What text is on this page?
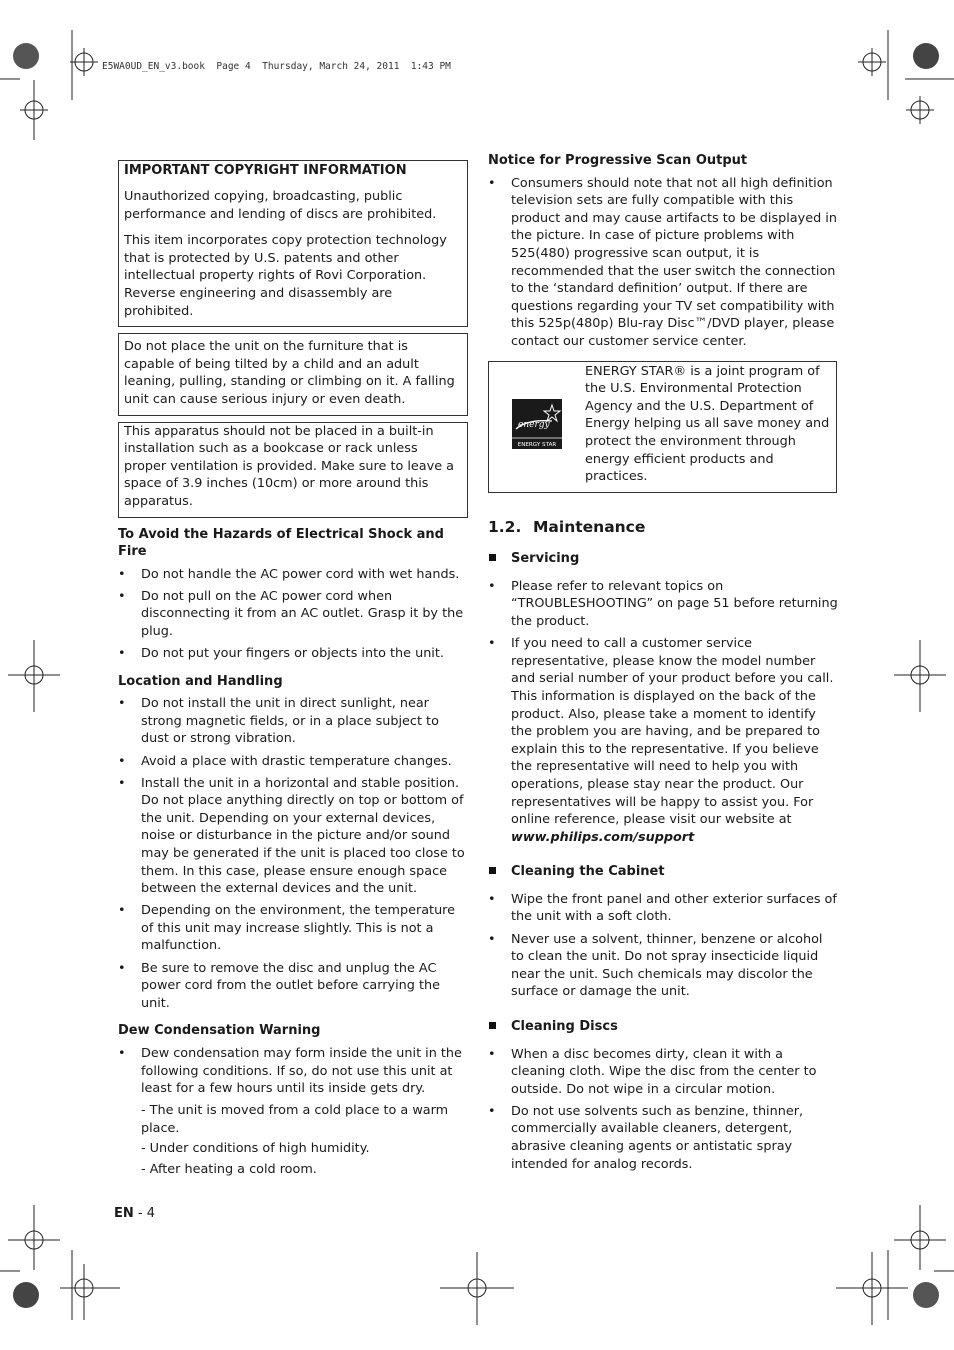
E5WA0UD_EN_v3.book  Page 4  Thursday, March 24, 2011  1:43 PM
IMPORTANT COPYRIGHT INFORMATION

Unauthorized copying, broadcasting, public performance and lending of discs are prohibited.

This item incorporates copy protection technology that is protected by U.S. patents and other intellectual property rights of Rovi Corporation. Reverse engineering and disassembly are prohibited.

Do not place the unit on the furniture that is capable of being tilted by a child and an adult leaning, pulling, standing or climbing on it. A falling unit can cause serious injury or even death.

This apparatus should not be placed in a built-in installation such as a bookcase or rack unless proper ventilation is provided. Make sure to leave a space of 3.9 inches (10cm) or more around this apparatus.

To Avoid the Hazards of Electrical Shock and Fire
• Do not handle the AC power cord with wet hands.
• Do not pull on the AC power cord when disconnecting it from an AC outlet. Grasp it by the plug.
• Do not put your fingers or objects into the unit.
Location and Handling
• Do not install the unit in direct sunlight, near strong magnetic fields, or in a place subject to dust or strong vibration.
• Avoid a place with drastic temperature changes.
• Install the unit in a horizontal and stable position. Do not place anything directly on top or bottom of the unit. Depending on your external devices, noise or disturbance in the picture and/or sound may be generated if the unit is placed too close to them. In this case, please ensure enough space between the external devices and the unit.
• Depending on the environment, the temperature of this unit may increase slightly. This is not a malfunction.
• Be sure to remove the disc and unplug the AC power cord from the outlet before carrying the unit.
Dew Condensation Warning
• Dew condensation may form inside the unit in the following conditions. If so, do not use this unit at least for a few hours until its inside gets dry.
- The unit is moved from a cold place to a warm place.
- Under conditions of high humidity.
- After heating a cold room.
Notice for Progressive Scan Output
• Consumers should note that not all high definition television sets are fully compatible with this product and may cause artifacts to be displayed in the picture. In case of picture problems with 525(480) progressive scan output, it is recommended that the user switch the connection to the ‘standard definition’ output. If there are questions regarding your TV set compatibility with this 525p(480p) Blu-ray Disc™/DVD player, please contact our customer service center.
energy
ENERGY STAR
ENERGY STAR® is a joint program of the U.S. Environmental Protection Agency and the U.S. Department of Energy helping us all save money and protect the environment through energy efficient products and practices.
1.2. Maintenance
Servicing
• Please refer to relevant topics on “TROUBLESHOOTING” on page 51 before returning the product.
• If you need to call a customer service representative, please know the model number and serial number of your product before you call. This information is displayed on the back of the product. Also, please take a moment to identify the problem you are having, and be prepared to explain this to the representative. If you believe the representative will need to help you with operations, please stay near the product. Our representatives will be happy to assist you. For online reference, please visit our website at
www.philips.com/support
Cleaning the Cabinet
• Wipe the front panel and other exterior surfaces of the unit with a soft cloth.
• Never use a solvent, thinner, benzene or alcohol to clean the unit. Do not spray insecticide liquid near the unit. Such chemicals may discolor the surface or damage the unit.
Cleaning Discs
• When a disc becomes dirty, clean it with a cleaning cloth. Wipe the disc from the center to outside. Do not wipe in a circular motion.
• Do not use solvents such as benzine, thinner, commercially available cleaners, detergent, abrasive cleaning agents or antistatic spray intended for analog records.
EN - 4
